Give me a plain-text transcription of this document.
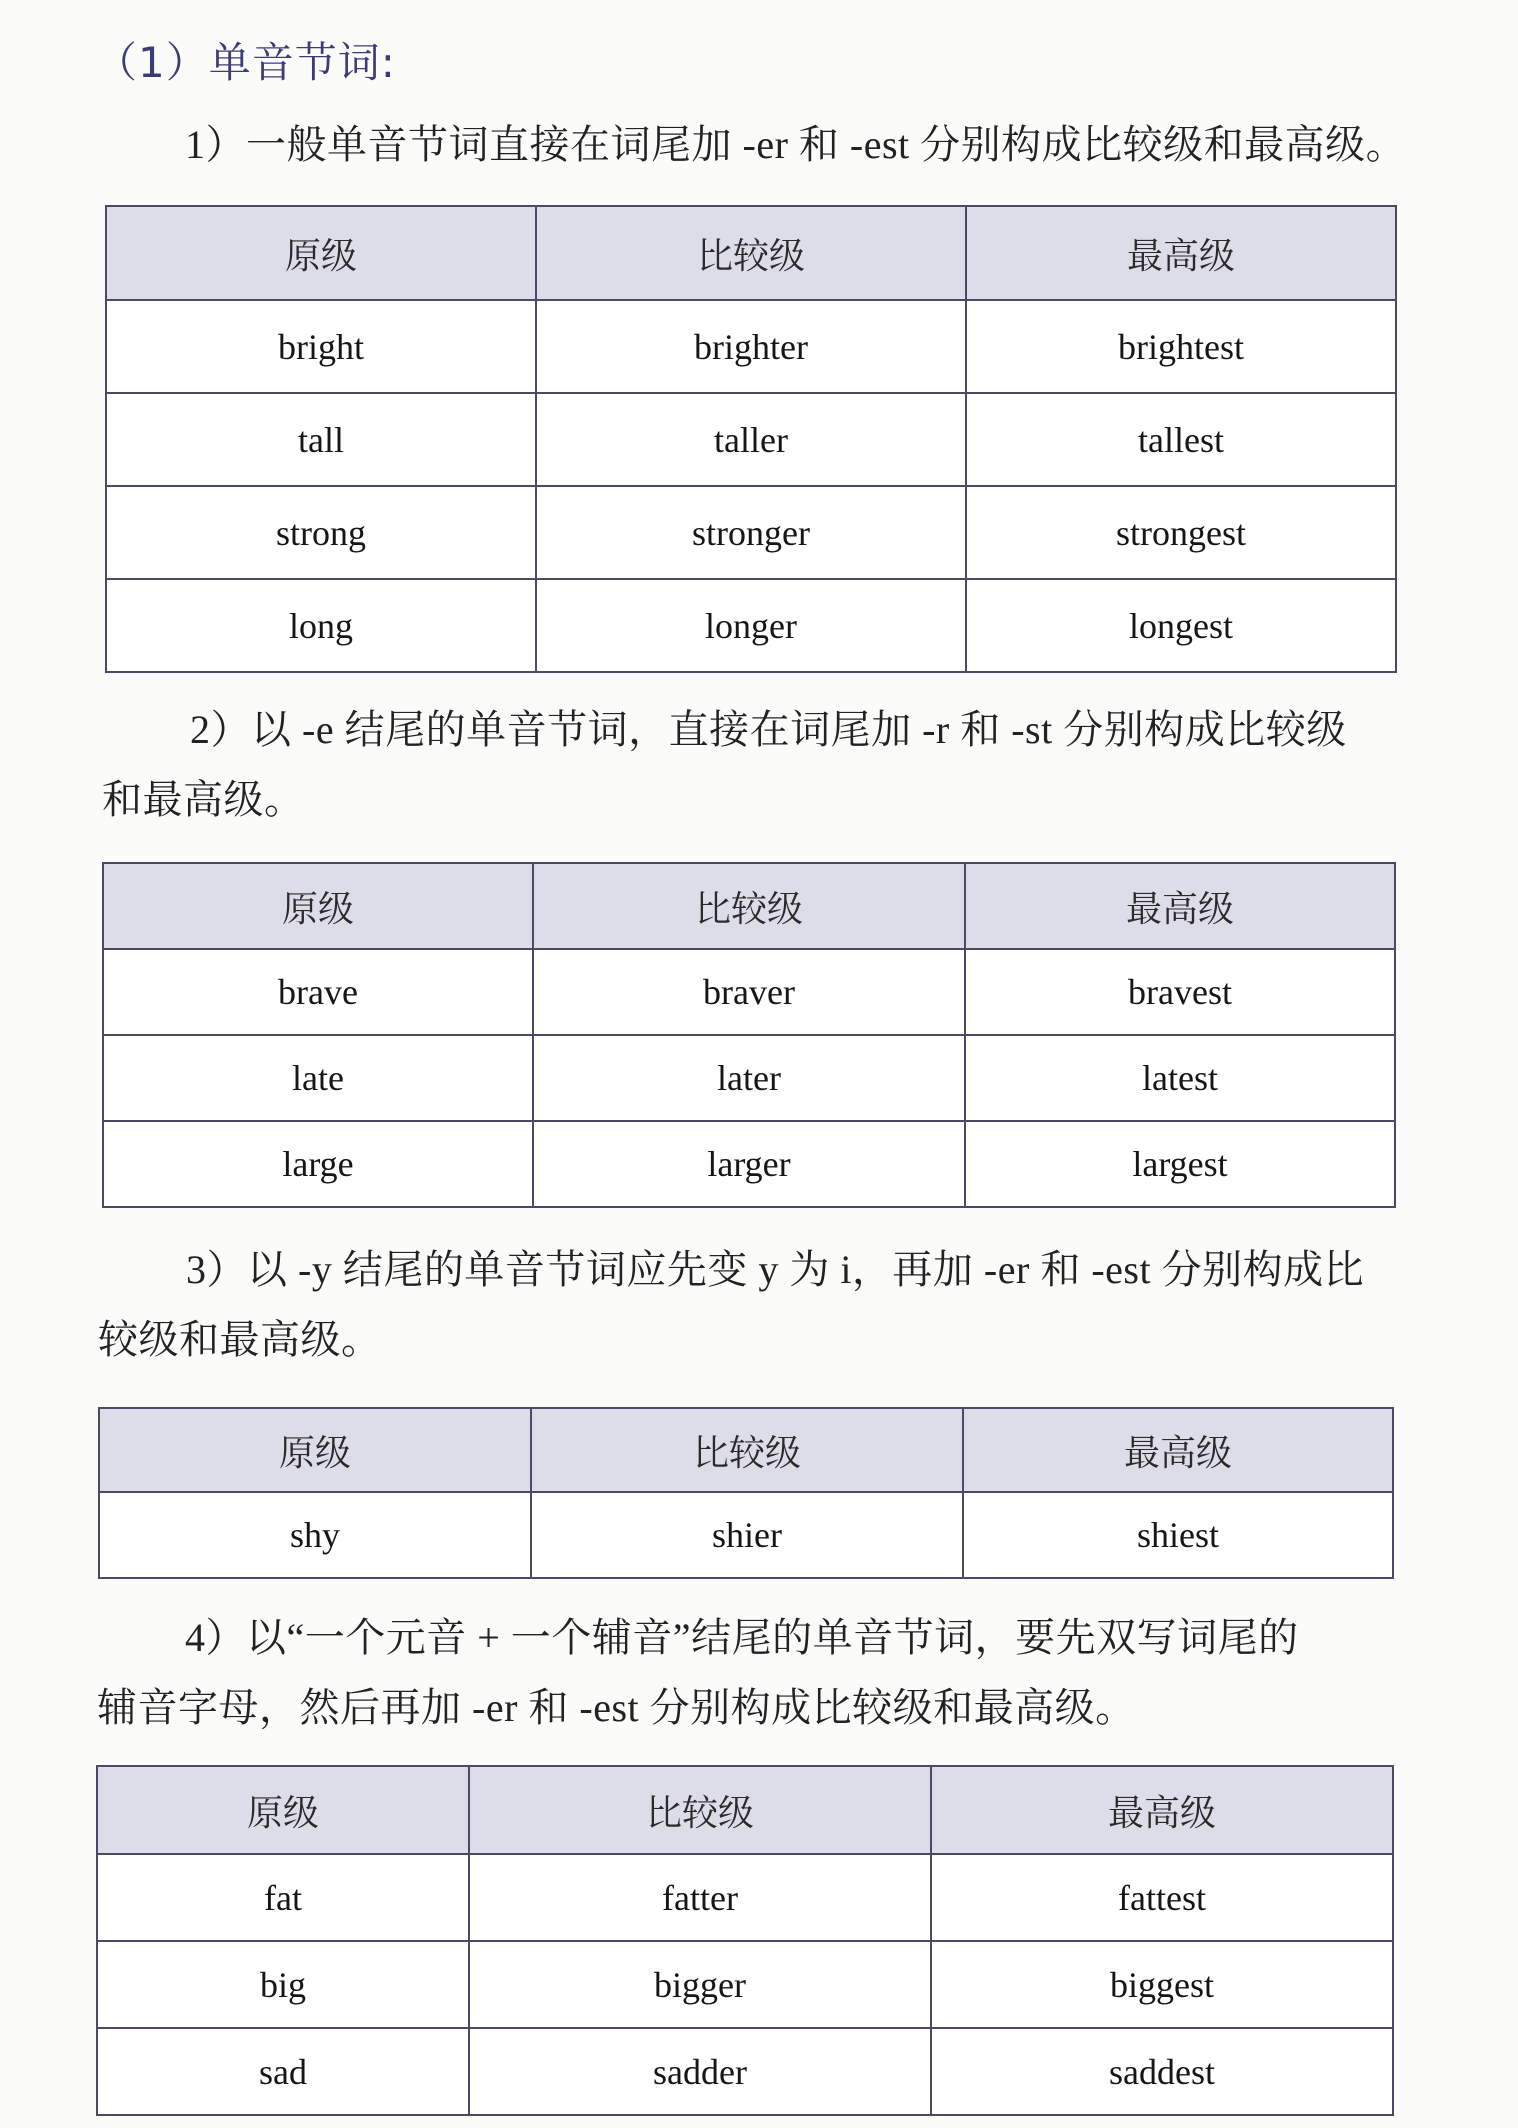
（1）单音节词:
1）一般单音节词直接在词尾加 -er 和 -est 分别构成比较级和最高级。
原级	比较级	最高级
bright	brighter	brightest
tall	taller	tallest
strong	stronger	strongest
long	longer	longest
2）以 -e 结尾的单音节词，直接在词尾加 -r 和 -st 分别构成比较级
和最高级。
原级	比较级	最高级
brave	braver	bravest
late	later	latest
large	larger	largest
3）以 -y 结尾的单音节词应先变 y 为 i，再加 -er 和 -est 分别构成比
较级和最高级。
原级	比较级	最高级
shy	shier	shiest
4）以“一个元音 + 一个辅音”结尾的单音节词，要先双写词尾的
辅音字母，然后再加 -er 和 -est 分别构成比较级和最高级。
原级	比较级	最高级
fat	fatter	fattest
big	bigger	biggest
sad	sadder	saddest
